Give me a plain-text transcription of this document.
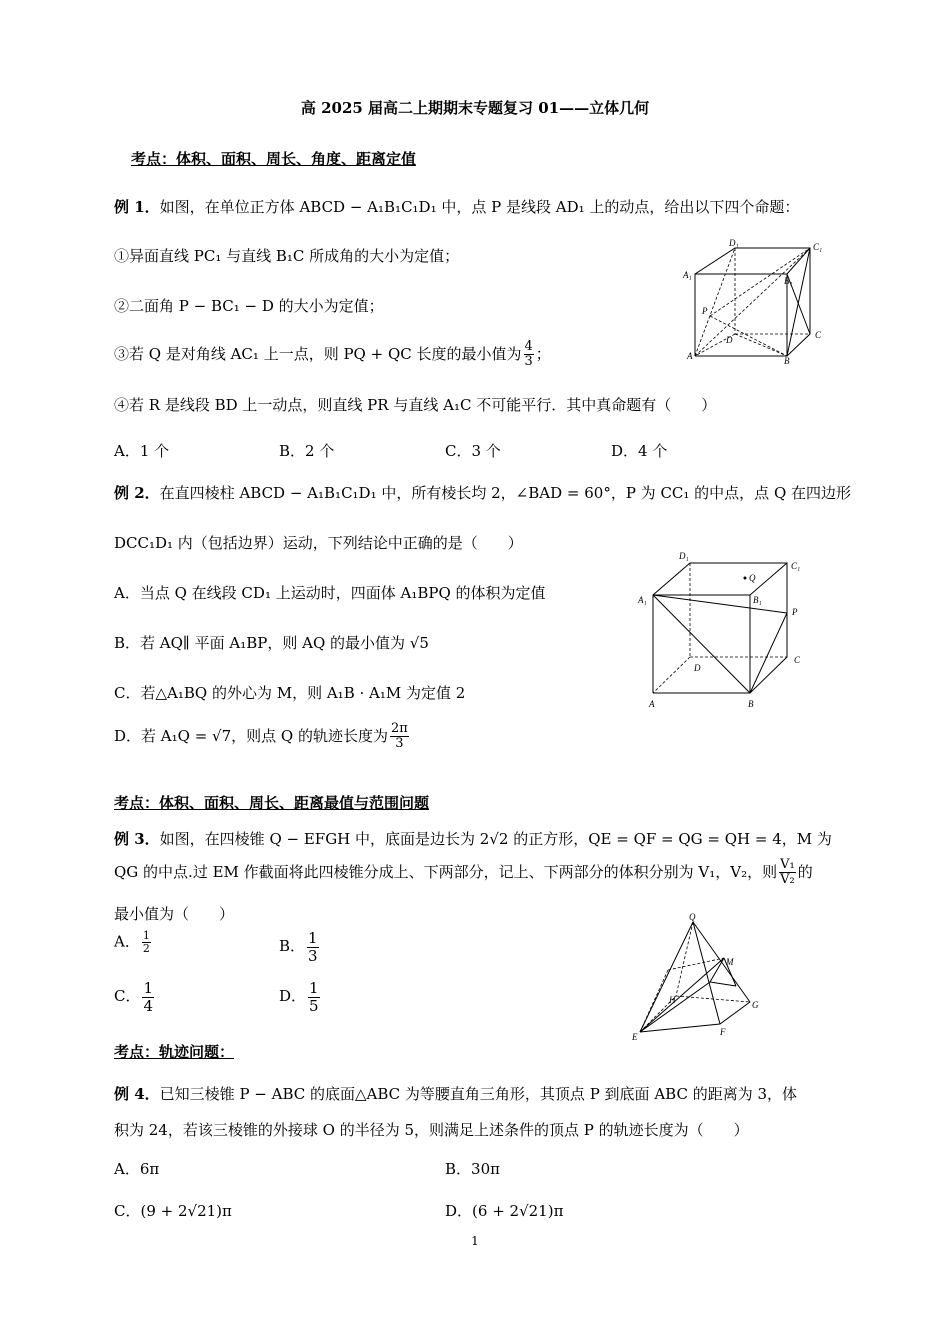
高 2025 届高二上期期末专题复习 01——立体几何
考点：体积、面积、周长、角度、距离定值
例 1．如图，在单位正方体 ABCD − A₁B₁C₁D₁ 中，点 P 是线段 AD₁ 上的动点，给出以下四个命题：
①异面直线 PC₁ 与直线 B₁C 所成角的大小为定值；
②二面角 P − BC₁ − D 的大小为定值；
③若 Q 是对角线 AC₁ 上一点，则 PQ + QC 长度的最小值为 $\frac{4}{3}$ ；
④若 R 是线段 BD 上一动点，则直线 PR 与直线 A₁C 不可能平行．其中真命题有（　　）
A．1 个	B．2 个	C．3 个	D．4 个
D₁	C₁
A₁
B₁
P
D	C
A	B
例 2．在直四棱柱 ABCD − A₁B₁C₁D₁ 中，所有棱长均 2，∠BAD = 60°，P 为 CC₁ 的中点，点 Q 在四边形
DCC₁D₁ 内（包括边界）运动，下列结论中正确的是（　　）
A．当点 Q 在线段 CD₁ 上运动时，四面体 A₁BPQ 的体积为定值
B．若 AQ∥ 平面 A₁BP，则 AQ 的最小值为 √5
C．若△A₁BQ 的外心为 M，则 A₁B · A₁M 为定值 2
D．若 A₁Q = √7，则点 Q 的轨迹长度为 $\frac{2\pi}{3}$
D₁
C₁
Q
A₁	B₁
P
D
C
A	B
考点：体积、面积、周长、距离最值与范围问题
例 3．如图，在四棱锥 Q − EFGH 中，底面是边长为 2√2 的正方形，QE = QF = QG = QH = 4，M 为
QG 的中点.过 EM 作截面将此四棱锥分成上、下两部分，记上、下两部分的体积分别为 V₁，V₂，则 $\frac{\text{V₁}}{\text{V₂}}$ 的
最小值为（　　）
A． $\frac{1}{2}$	B． $\frac{1}{3}$
C． $\frac{1}{4}$	D． $\frac{1}{5}$
Q
M
H	G
E	F
考点：轨迹问题：
例 4．已知三棱锥 P − ABC 的底面△ABC 为等腰直角三角形，其顶点 P 到底面 ABC 的距离为 3，体
积为 24，若该三棱锥的外接球 O 的半径为 5，则满足上述条件的顶点 P 的轨迹长度为（　　）
A．6π	B．30π
C．(9 + 2√21)π	D．(6 + 2√21)π
1
